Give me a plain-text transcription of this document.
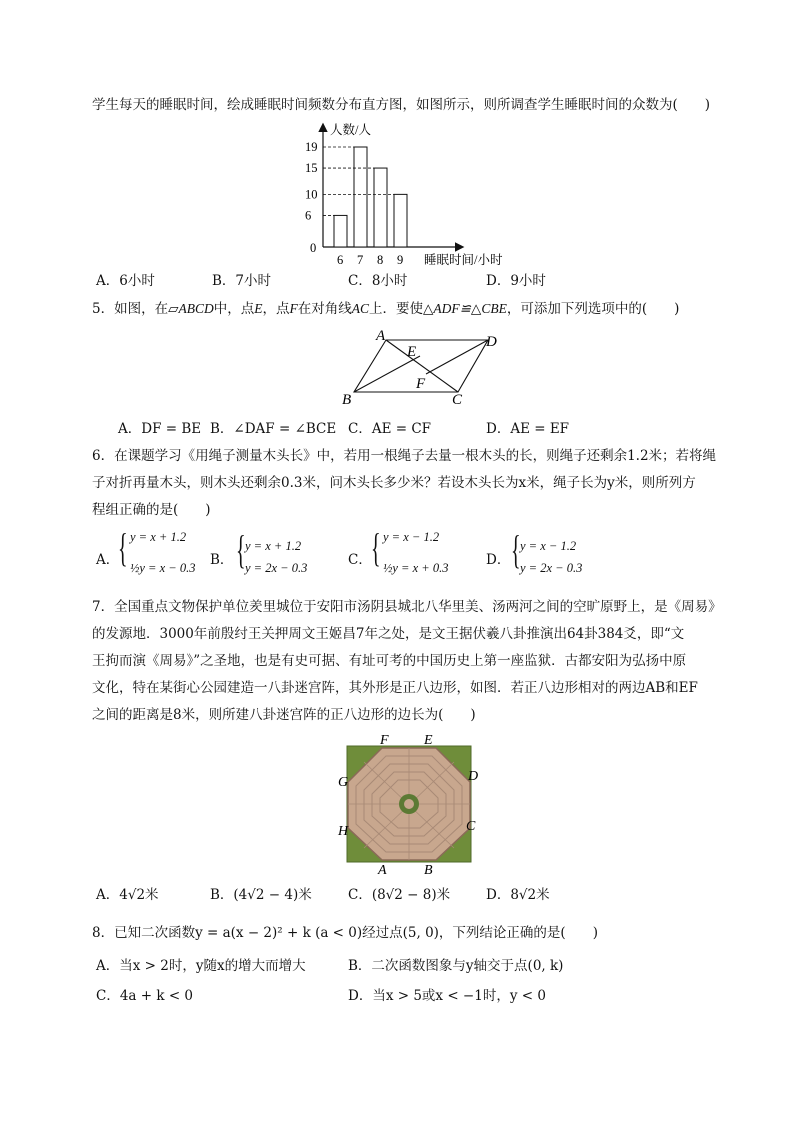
学生每天的睡眠时间，绘成睡眠时间频数分布直方图，如图所示，则所调查学生睡眠时间的众数为(　　)
人数/人
睡眠时间/小时
0
6
10
15
19
6 7 8 9
A．6小时	B．7小时	C．8小时	D．9小时
5．如图，在▱ABCD中，点E，点F在对角线AC上．要使△ADF≌△CBE，可添加下列选项中的(　　)
A
E
D
F
B	C
A．DF = BE B．∠DAF = ∠BCE C．AE = CF	D．AE = EF
6．在课题学习《用绳子测量木头长》中，若用一根绳子去量一根木头的长，则绳子还剩余1.2米；若将绳
子对折再量木头，则木头还剩余0.3米，问木头长多少米？若设木头长为x米，绳子长为y米，则所列方
程组正确的是(　　)
A．
{ y = x + 1.2
½y = x − 0.3 B． { y = x + 1.2
y = 2x − 0.3	C． { y = x − 1.2
½y = x + 0.3	D． { y = x − 1.2
y = 2x − 0.3
7．全国重点文物保护单位羑里城位于安阳市汤阴县城北八华里美、汤两河之间的空旷原野上，是《周易》
的发源地．3000年前殷纣王关押周文王姬昌7年之处，是文王据伏羲八卦推演出64卦384爻，即“文
王拘而演《周易》”之圣地，也是有史可据、有址可考的中国历史上第一座监狱．古都安阳为弘扬中原
文化，特在某街心公园建造一八卦迷宫阵，其外形是正八边形，如图．若正八边形相对的两边AB和EF
之间的距离是8米，则所建八卦迷宫阵的正八边形的边长为(　　)
F	E
G	D
H	C
A	B
A．4√2米	B．(4√2 − 4)米	C．(8√2 − 8)米	D．8√2米
8．已知二次函数y = a(x − 2)² + k (a < 0)经过点(5, 0)，下列结论正确的是(　　)
A．当x > 2时，y随x的增大而增大	B．二次函数图象与y轴交于点(0, k)
C．4a + k < 0	D．当x > 5或x < −1时，y < 0
